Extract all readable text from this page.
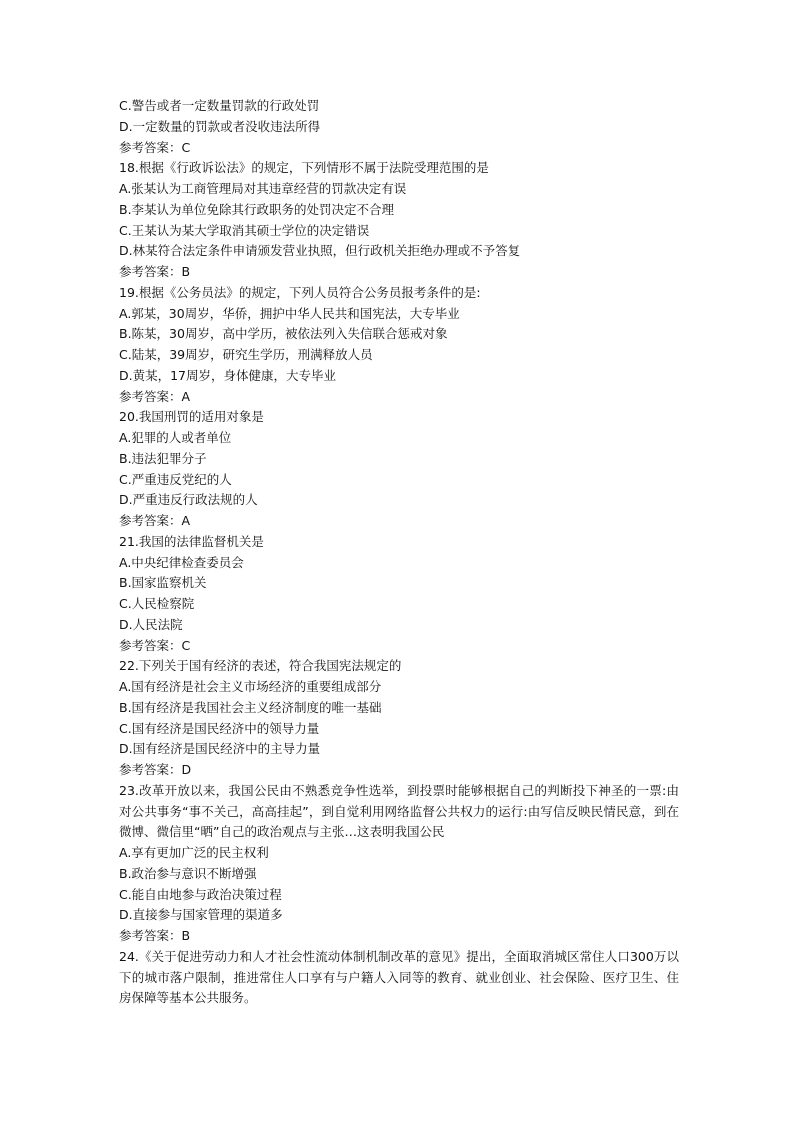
C.警告或者一定数量罚款的行政处罚
D.一定数量的罚款或者没收违法所得
参考答案：C
18.根据《行政诉讼法》的规定，下列情形不属于法院受理范围的是
A.张某认为工商管理局对其违章经营的罚款决定有误
B.李某认为单位免除其行政职务的处罚决定不合理
C.王某认为某大学取消其硕士学位的决定错误
D.林某符合法定条件申请颁发营业执照，但行政机关拒绝办理或不予答复
参考答案：B
19.根据《公务员法》的规定，下列人员符合公务员报考条件的是:
A.郭某，30周岁，华侨，拥护中华人民共和国宪法，大专毕业
B.陈某，30周岁，高中学历，被依法列入失信联合惩戒对象
C.陆某，39周岁，研究生学历，刑满释放人员
D.黄某，17周岁，身体健康，大专毕业
参考答案：A
20.我国刑罚的适用对象是
A.犯罪的人或者单位
B.违法犯罪分子
C.严重违反党纪的人
D.严重违反行政法规的人
参考答案：A
21.我国的法律监督机关是
A.中央纪律检查委员会
B.国家监察机关
C.人民检察院
D.人民法院
参考答案：C
22.下列关于国有经济的表述，符合我国宪法规定的
A.国有经济是社会主义市场经济的重要组成部分
B.国有经济是我国社会主义经济制度的唯一基础
C.国有经济是国民经济中的领导力量
D.国有经济是国民经济中的主导力量
参考答案：D
23.改革开放以来，我国公民由不熟悉竞争性选举，到投票时能够根据自己的判断投下神圣的一票:由对公共事务“事不关己，高高挂起”，到自觉利用网络监督公共权力的运行:由写信反映民情民意，到在微博、微信里“晒”自己的政治观点与主张…这表明我国公民
A.享有更加广泛的民主权利
B.政治参与意识不断增强
C.能自由地参与政治决策过程
D.直接参与国家管理的渠道多
参考答案：B
24.《关于促进劳动力和人才社会性流动体制机制改革的意见》提出，全面取消城区常住人口300万以下的城市落户限制，推进常住人口享有与户籍人入同等的教育、就业创业、社会保险、医疗卫生、住房保障等基本公共服务。
